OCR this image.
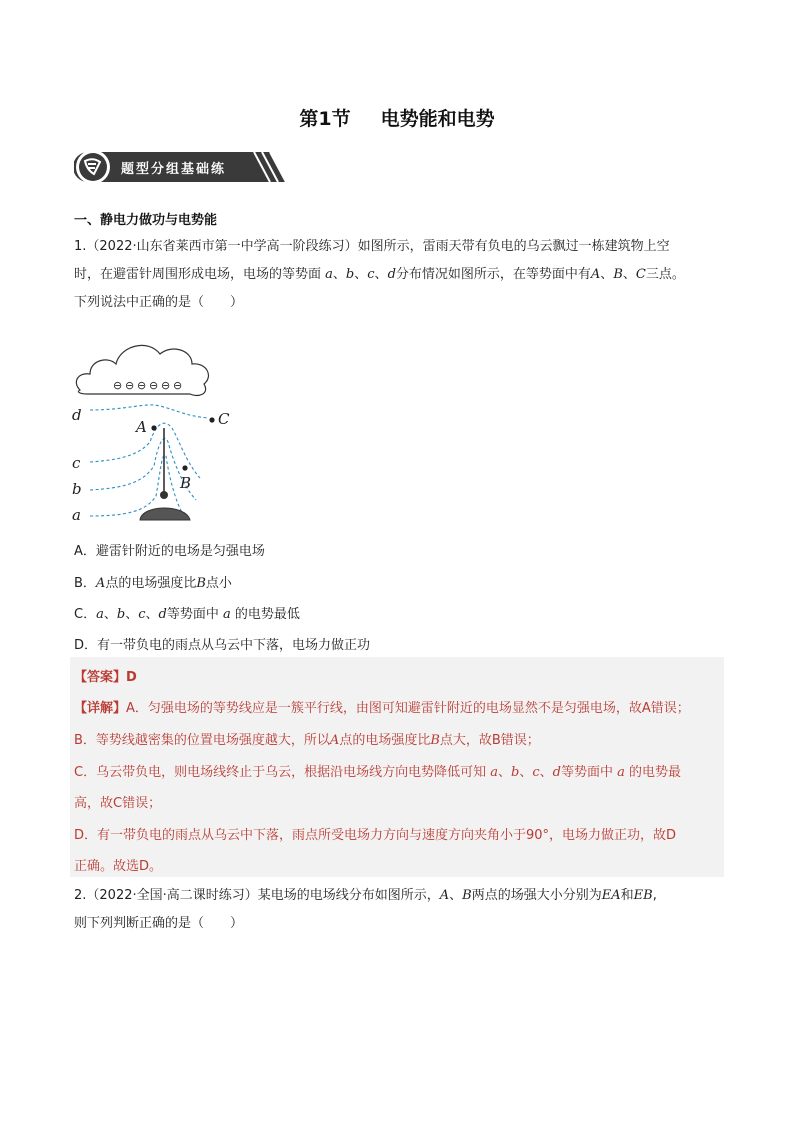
第1节 电势能和电势
题型分组基础练
一、静电力做功与电势能
1.（2022·山东省莱西市第一中学高一阶段练习）如图所示，雷雨天带有负电的乌云飘过一栋建筑物上空
时，在避雷针周围形成电场，电场的等势面 a、b、c、d分布情况如图所示，在等势面中有A、B、C三点。
下列说法中正确的是（　　）
⊖ ⊖ ⊖ ⊖ ⊖ ⊖
d
c
b
a
A
B
C
A．避雷针附近的电场是匀强电场
B．A点的电场强度比B点小
C．a、b、c、d等势面中 a 的电势最低
D．有一带负电的雨点从乌云中下落，电场力做正功
【答案】D
【详解】A．匀强电场的等势线应是一簇平行线，由图可知避雷针附近的电场显然不是匀强电场，故A错误；
B．等势线越密集的位置电场强度越大，所以A点的电场强度比B点大，故B错误；
C．乌云带负电，则电场线终止于乌云，根据沿电场线方向电势降低可知 a、b、c、d等势面中 a 的电势最
高，故C错误；
D．有一带负电的雨点从乌云中下落，雨点所受电场力方向与速度方向夹角小于90°，电场力做正功，故D
正确。故选D。
2.（2022·全国·高二课时练习）某电场的电场线分布如图所示，A、B两点的场强大小分别为EA和EB,
则下列判断正确的是（　　）
